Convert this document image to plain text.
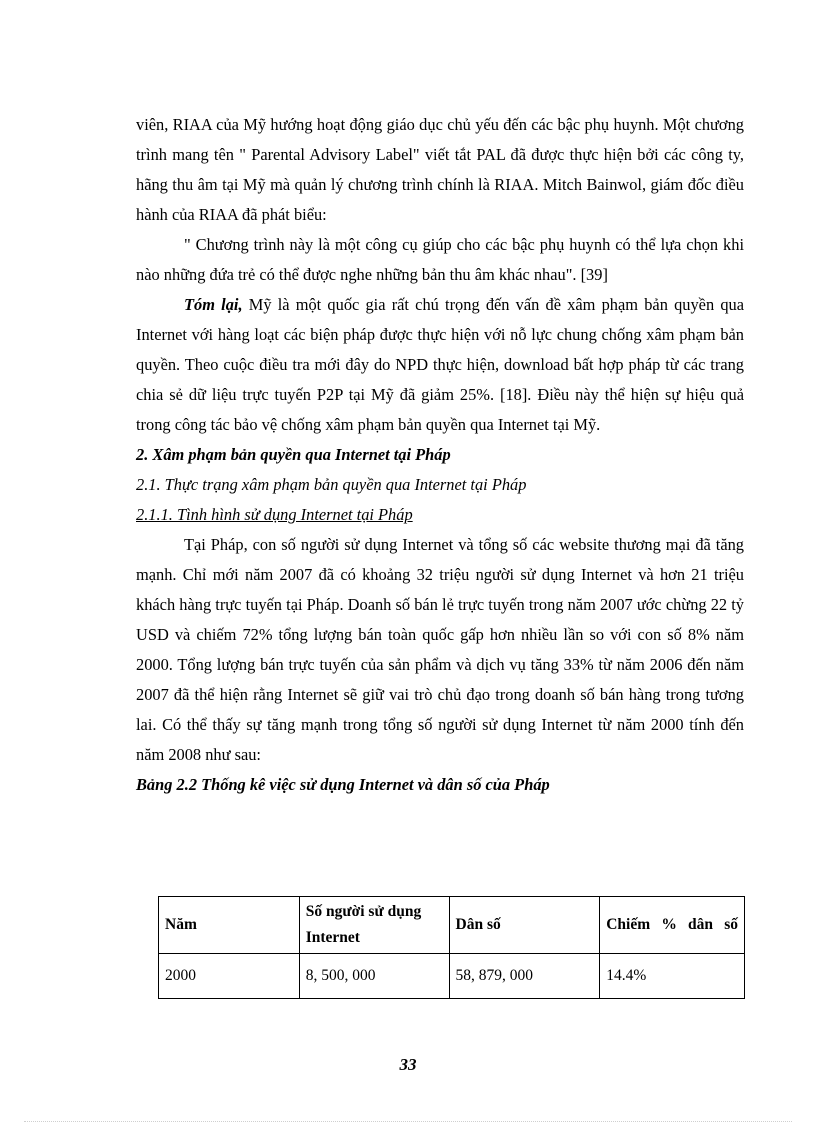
viên, RIAA của Mỹ hướng hoạt động giáo dục chủ yếu đến các bậc phụ huynh. Một chương trình mang tên " Parental Advisory Label" viết tắt PAL đã được thực hiện bởi các công ty, hãng thu âm tại Mỹ mà quản lý chương trình chính là RIAA. Mitch Bainwol, giám đốc điều hành của RIAA đã phát biểu:

" Chương trình này là một công cụ giúp cho các bậc phụ huynh có thể lựa chọn khi nào những đứa trẻ có thể được nghe những bản thu âm khác nhau". [39]

Tóm lại, Mỹ là một quốc gia rất chú trọng đến vấn đề xâm phạm bản quyền qua Internet với hàng loạt các biện pháp được thực hiện với nỗ lực chung chống xâm phạm bản quyền. Theo cuộc điều tra mới đây do NPD thực hiện, download bất hợp pháp từ các trang chia sẻ dữ liệu trực tuyến P2P tại Mỹ đã giảm 25%. [18]. Điều này thể hiện sự hiệu quả trong công tác bảo vệ chống xâm phạm bản quyền qua Internet tại Mỹ.

2. Xâm phạm bản quyền qua Internet tại Pháp

2.1. Thực trạng xâm phạm bản quyền qua Internet tại Pháp

2.1.1. Tình hình sử dụng Internet tại Pháp

Tại Pháp, con số người sử dụng Internet và tổng số các website thương mại đã tăng mạnh. Chỉ mới năm 2007 đã có khoảng 32 triệu người sử dụng Internet và hơn 21 triệu khách hàng trực tuyến tại Pháp. Doanh số bán lẻ trực tuyến trong năm 2007 ước chừng 22 tỷ USD và chiếm 72% tổng lượng bán toàn quốc gấp hơn nhiều lần so với con số 8% năm 2000. Tổng lượng bán trực tuyến của sản phẩm và dịch vụ tăng 33% từ năm 2006 đến năm 2007 đã thể hiện rằng Internet sẽ giữ vai trò chủ đạo trong doanh số bán hàng trong tương lai. Có thể thấy sự tăng mạnh trong tổng số người sử dụng Internet từ năm 2000 tính đến năm 2008 như sau:

Bảng 2.2 Thống kê việc sử dụng Internet và dân số của Pháp

Năm	Số người sử dụng Internet	Dân số	Chiếm % dân số
2000	8, 500, 000	58, 879, 000	14.4%
33
